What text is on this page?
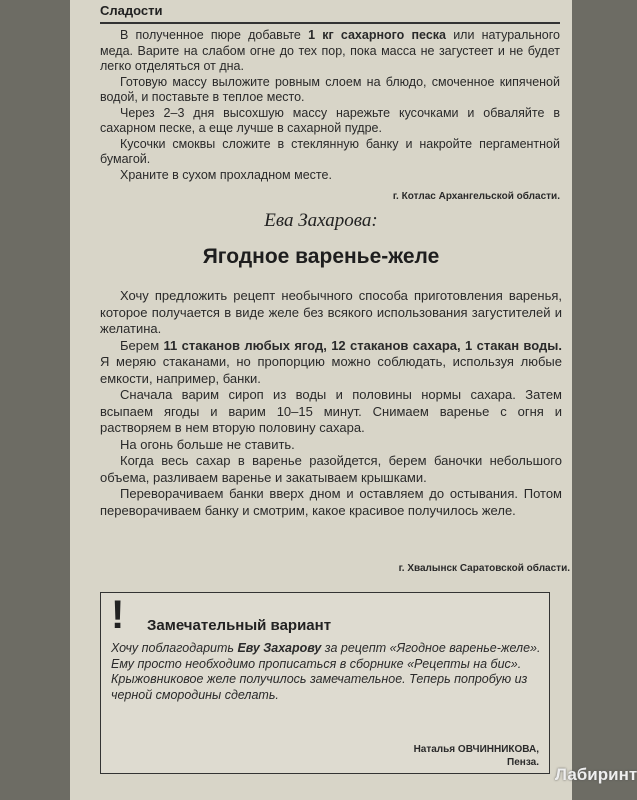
Сладости

В полученное пюре добавьте 1 кг сахарного песка или натурального меда. Варите на слабом огне до тех пор, пока масса не загустеет и не будет легко отделяться от дна.

Готовую массу выложите ровным слоем на блюдо, смоченное кипяченой водой, и поставьте в теплое место.

Через 2–3 дня высохшую массу нарежьте кусочками и обваляйте в сахарном песке, а еще лучше в сахарной пудре.

Кусочки смоквы сложите в стеклянную банку и накройте пергаментной бумагой.

Храните в сухом прохладном месте.

г. Котлас Архангельской области.
Ева Захарова:
Ягодное варенье-желе

Хочу предложить рецепт необычного способа приготовления варенья, которое получается в виде желе без всякого использования загустителей и желатина.

Берем 11 стаканов любых ягод, 12 стаканов сахара, 1 стакан воды. Я меряю стаканами, но пропорцию можно соблюдать, используя любые емкости, например, банки.

Сначала варим сироп из воды и половины нормы сахара. Затем всыпаем ягоды и варим 10–15 минут. Снимаем варенье с огня и растворяем в нем вторую половину сахара.

На огонь больше не ставить.

Когда весь сахар в варенье разойдется, берем баночки небольшого объема, разливаем варенье и закатываем крышками.

Переворачиваем банки вверх дном и оставляем до остывания. Потом переворачиваем банку и смотрим, какое красивое получилось желе.

г. Хвалынск Саратовской области.
! Замечательный вариант

Хочу поблагодарить Еву Захарову за рецепт «Ягодное варенье-желе». Ему просто необходимо прописаться в сборнике «Рецепты на бис».

Крыжовниковое желе получилось замечательное. Теперь попробую из черной смородины сделать.

Наталья ОВЧИННИКОВА,
Пенза.
Лабиринт
